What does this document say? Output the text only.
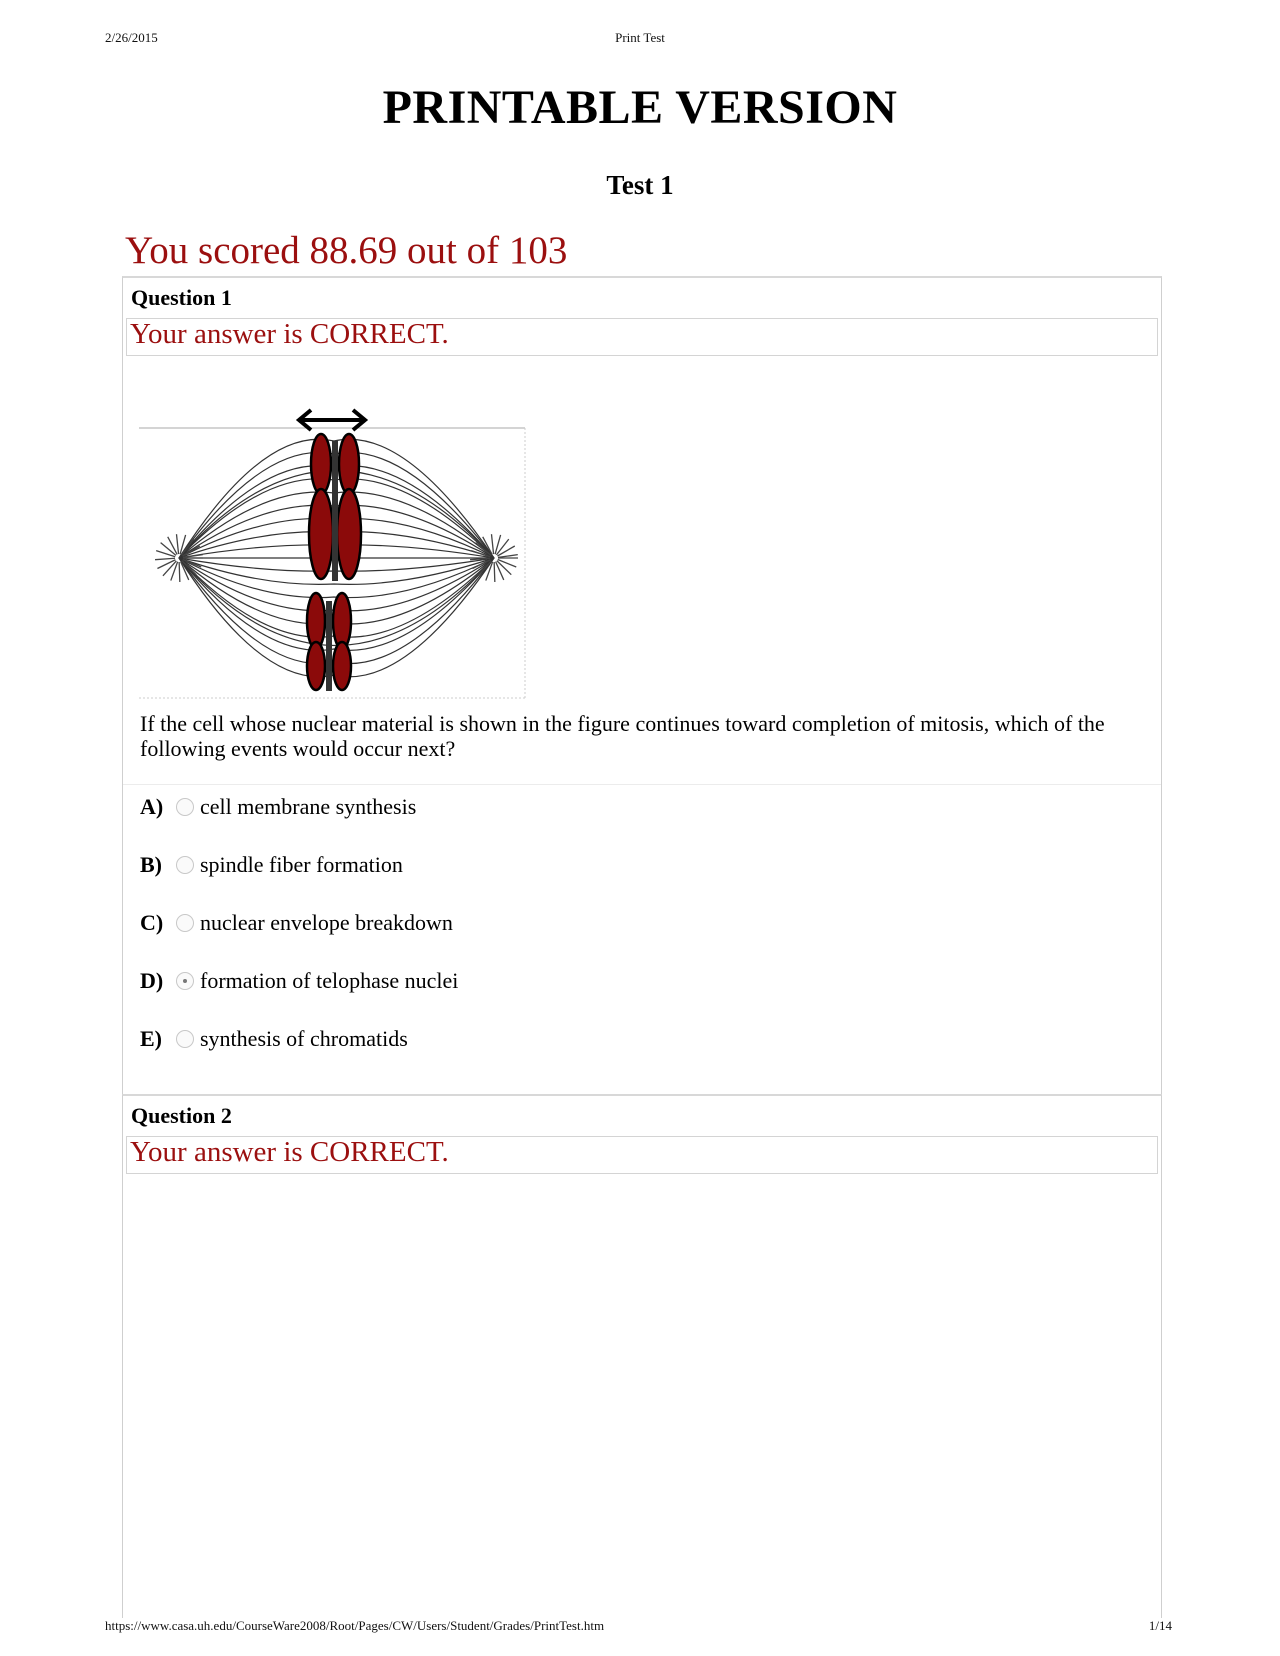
2/26/2015	Print Test
PRINTABLE VERSION
Test 1
You scored 88.69 out of 103
Question 1
Your answer is CORRECT.
If the cell whose nuclear material is shown in the figure continues toward completion of mitosis, which of the following events would occur next?
A)	cell membrane synthesis
B)	spindle fiber formation
C)	nuclear envelope breakdown
D)	formation of telophase nuclei
E)	synthesis of chromatids
Question 2
Your answer is CORRECT.
https://www.casa.uh.edu/CourseWare2008/Root/Pages/CW/Users/Student/Grades/PrintTest.htm	1/14
